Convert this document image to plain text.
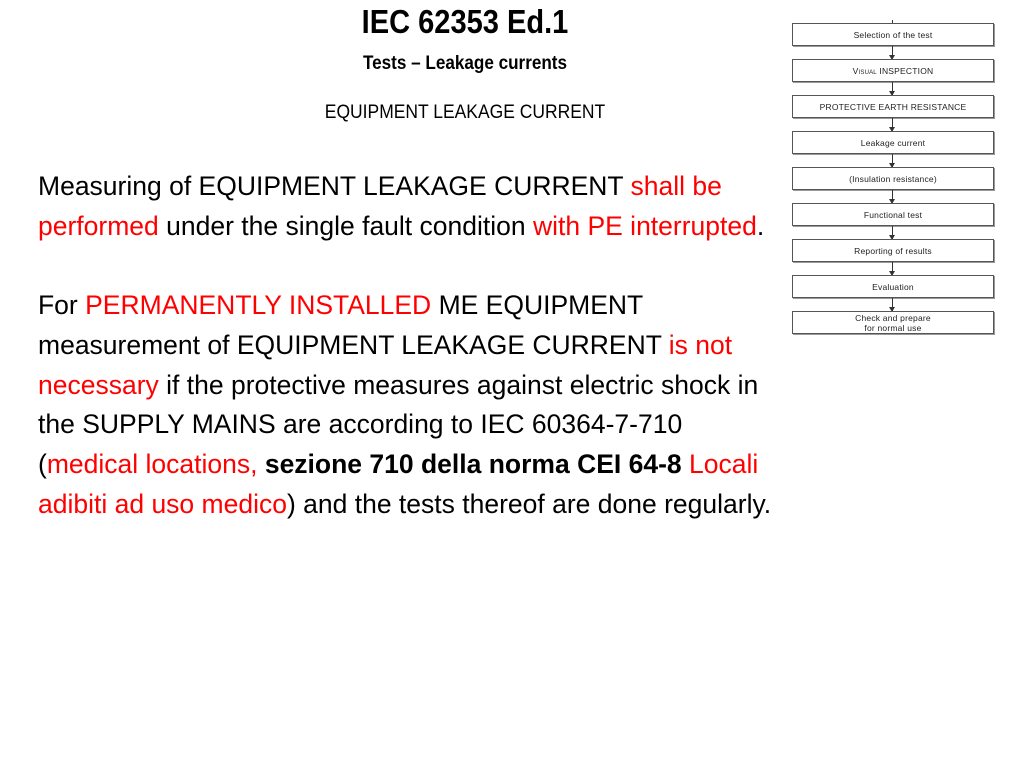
IEC 62353 Ed.1
Tests – Leakage currents
EQUIPMENT LEAKAGE CURRENT

Measuring of EQUIPMENT LEAKAGE CURRENT shall be performed under the single fault condition with PE interrupted.

For PERMANENTLY INSTALLED ME EQUIPMENT measurement of EQUIPMENT LEAKAGE CURRENT is not necessary if the protective measures against electric shock in the SUPPLY MAINS are according to IEC 60364-7-710 (medical locations, sezione 710 della norma CEI 64-8 Locali adibiti ad uso medico) and the tests thereof are done regularly.

Selection of the test
Visual INSPECTION
PROTECTIVE EARTH RESISTANCE
Leakage current
(Insulation resistance)
Functional test
Reporting of results
Evaluation
Check and prepare
for normal use
